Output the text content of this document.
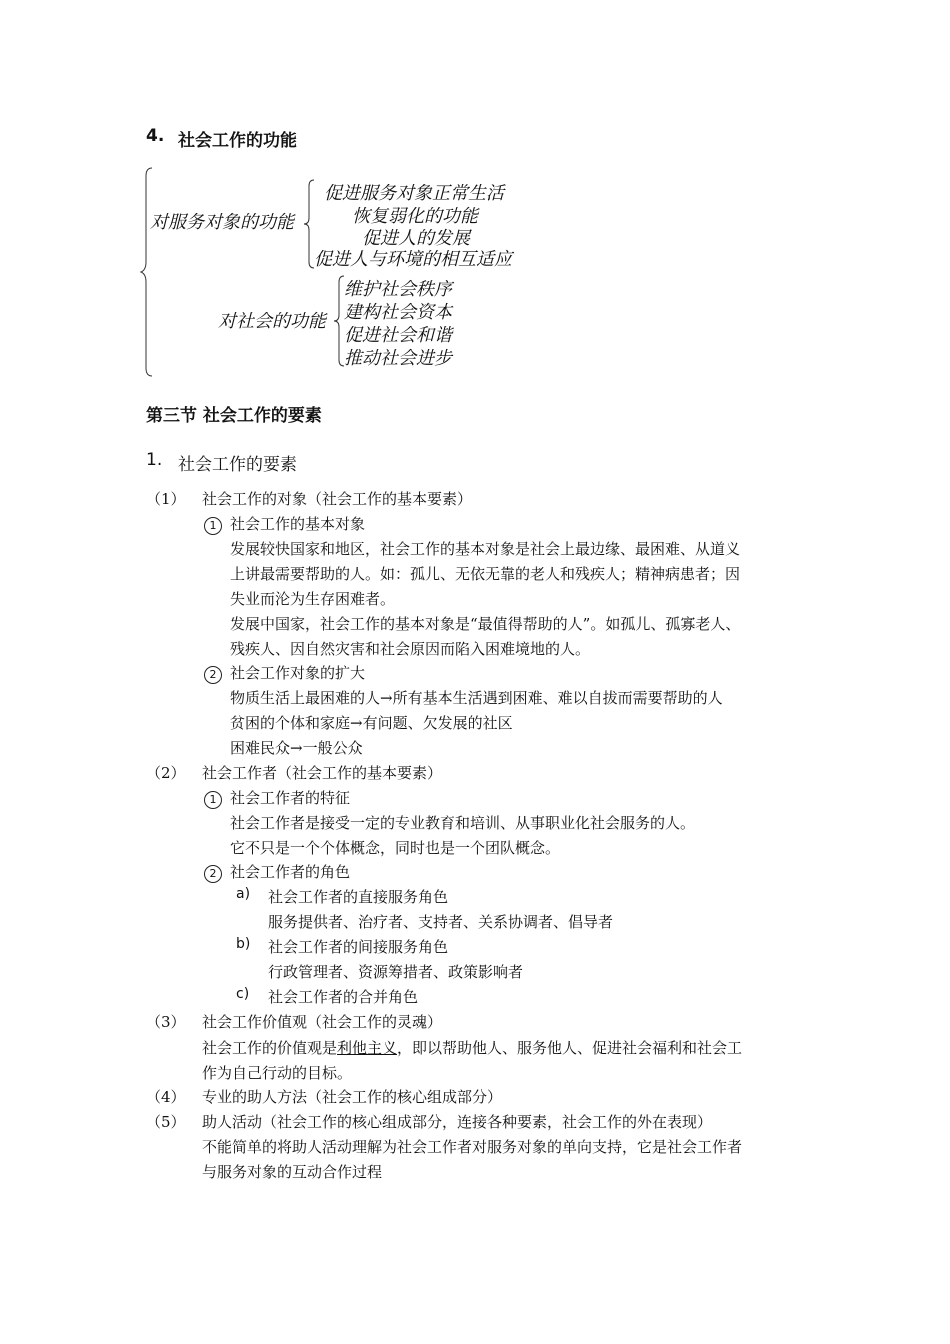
4. 社会工作的功能
对服务对象的功能
促进服务对象正常生活
恢复弱化的功能
促进人的发展
促进人与环境的相互适应
对社会的功能
维护社会秩序
建构社会资本
促进社会和谐
推动社会进步
第三节 社会工作的要素
1. 社会工作的要素
（1） 社会工作的对象（社会工作的基本要素）
1 社会工作的基本对象
发展较快国家和地区，社会工作的基本对象是社会上最边缘、最困难、从道义
上讲最需要帮助的人。如：孤儿、无依无靠的老人和残疾人；精神病患者；因
失业而沦为生存困难者。
发展中国家，社会工作的基本对象是“最值得帮助的人”。如孤儿、孤寡老人、
残疾人、因自然灾害和社会原因而陷入困难境地的人。
2 社会工作对象的扩大
物质生活上最困难的人→所有基本生活遇到困难、难以自拔而需要帮助的人
贫困的个体和家庭→有问题、欠发展的社区
困难民众→一般公众
（2） 社会工作者（社会工作的基本要素）
1 社会工作者的特征
社会工作者是接受一定的专业教育和培训、从事职业化社会服务的人。
它不只是一个个体概念，同时也是一个团队概念。
2 社会工作者的角色
a) 社会工作者的直接服务角色
服务提供者、治疗者、支持者、关系协调者、倡导者
b) 社会工作者的间接服务角色
行政管理者、资源筹措者、政策影响者
c) 社会工作者的合并角色
（3） 社会工作价值观（社会工作的灵魂）
社会工作的价值观是利他主义，即以帮助他人、服务他人、促进社会福利和社会工
作为自己行动的目标。
（4） 专业的助人方法（社会工作的核心组成部分）
（5） 助人活动（社会工作的核心组成部分，连接各种要素，社会工作的外在表现）
不能简单的将助人活动理解为社会工作者对服务对象的单向支持，它是社会工作者
与服务对象的互动合作过程
